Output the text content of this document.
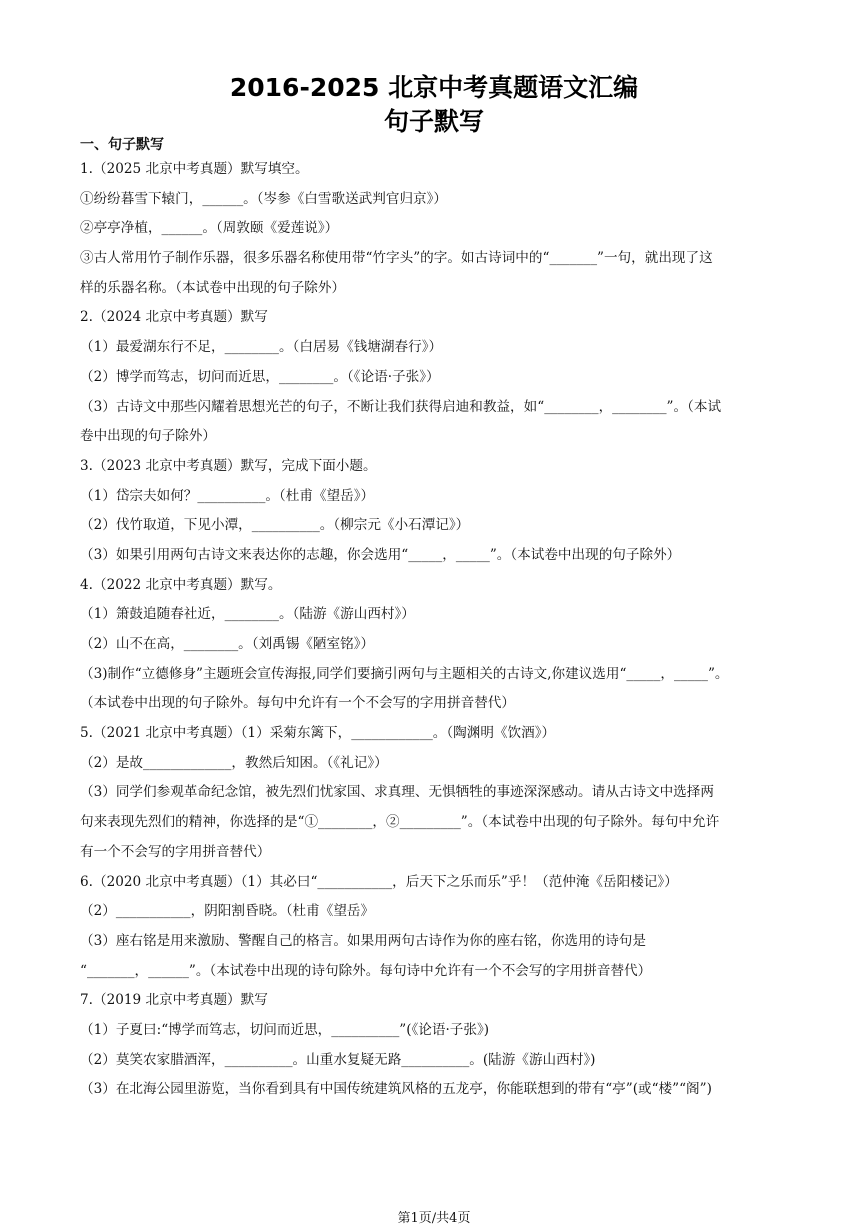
2016-2025 北京中考真题语文汇编
句子默写
一、句子默写
1.（2025 北京中考真题）默写填空。
①纷纷暮雪下辕门，______。（岑参《白雪歌送武判官归京》）
②亭亭净植，______。（周敦颐《爱莲说》）
③古人常用竹子制作乐器，很多乐器名称使用带“竹字头”的字。如古诗词中的“_______”一句，就出现了这
样的乐器名称。（本试卷中出现的句子除外）
2.（2024 北京中考真题）默写
（1）最爱湖东行不足，________。（白居易《钱塘湖春行》）
（2）博学而笃志，切问而近思，________。（《论语·子张》）
（3）古诗文中那些闪耀着思想光芒的句子，不断让我们获得启迪和教益，如“________，________”。（本试
卷中出现的句子除外）
3.（2023 北京中考真题）默写，完成下面小题。
（1）岱宗夫如何？__________。（杜甫《望岳》）
（2）伐竹取道，下见小潭，__________。（柳宗元《小石潭记》）
（3）如果引用两句古诗文来表达你的志趣，你会选用“_____，_____”。（本试卷中出现的句子除外）
4.（2022 北京中考真题）默写。
（1）箫鼓追随春社近，________。（陆游《游山西村》）
（2）山不在高，________。（刘禹锡《陋室铭》）
（3)制作“立德修身”主题班会宣传海报,同学们要摘引两句与主题相关的古诗文,你建议选用“_____，_____”。
（本试卷中出现的句子除外。每句中允许有一个不会写的字用拼音替代）
5.（2021 北京中考真题）（1）采菊东篱下，____________。（陶渊明《饮酒》）
（2）是故_____________，教然后知困。（《礼记》）
（3）同学们参观革命纪念馆，被先烈们忧家国、求真理、无惧牺牲的事迹深深感动。请从古诗文中选择两
句来表现先烈们的精神，你选择的是“①________，②_________”。（本试卷中出现的句子除外。每句中允许
有一个不会写的字用拼音替代）
6.（2020 北京中考真题）（1）其必曰“___________，后天下之乐而乐”乎！（范仲淹《岳阳楼记》）
（2）___________，阴阳割昏晓。（杜甫《望岳》
（3）座右铭是用来激励、警醒自己的格言。如果用两句古诗作为你的座右铭，你选用的诗句是
“_______，______”。（本试卷中出现的诗句除外。每句诗中允许有一个不会写的字用拼音替代）
7.（2019 北京中考真题）默写
（1）子夏曰:“博学而笃志，切问而近思，__________”(《论语·子张》)
（2）莫笑农家腊酒浑，__________。山重水复疑无路__________。(陆游《游山西村》)
（3）在北海公园里游览，当你看到具有中国传统建筑风格的五龙亭，你能联想到的带有“亭”(或“楼”“阁”)
第1页/共4页
